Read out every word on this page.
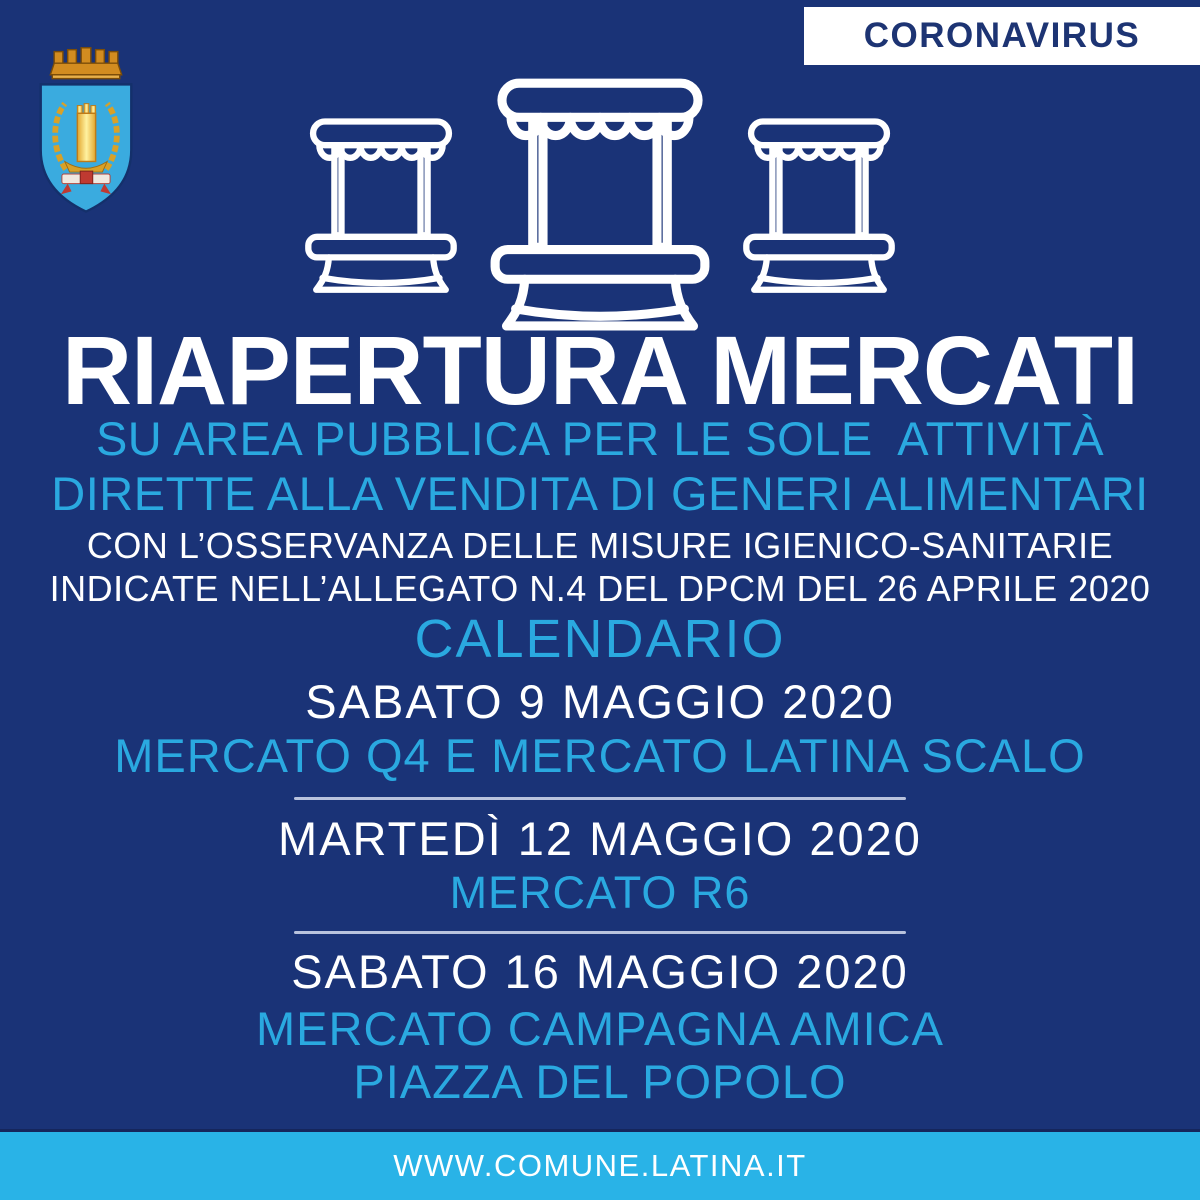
CORONAVIRUS
RIAPERTURA MERCATI
SU AREA PUBBLICA PER LE SOLE  ATTIVITÀ
DIRETTE ALLA VENDITA DI GENERI ALIMENTARI
CON L’OSSERVANZA DELLE MISURE IGIENICO-SANITARIE
INDICATE NELL’ALLEGATO N.4 DEL DPCM DEL 26 APRILE 2020
CALENDARIO
SABATO 9 MAGGIO 2020
MERCATO Q4 E MERCATO LATINA SCALO
MARTEDÌ 12 MAGGIO 2020
MERCATO R6
SABATO 16 MAGGIO 2020
MERCATO CAMPAGNA AMICA
PIAZZA DEL POPOLO
WWW.COMUNE.LATINA.IT
